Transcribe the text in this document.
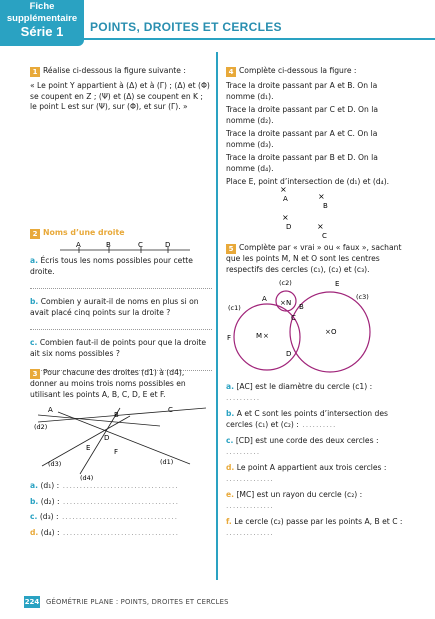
Fiche
supplémentaire
Série 1	POINTS, DROITES ET CERCLES
1 Réalise ci-dessous la figure suivante :
« Le point Y appartient à (Δ) et à (Γ) ; (Δ) et (Φ) se coupent en Z ; (Ψ) et (Δ) se coupent en K ; le point L est sur (Ψ), sur (Φ), et sur (Γ). »
2 Noms d’une droite
A	B	C	D
a. Écris tous les noms possibles pour cette droite.
b. Combien y aurait-il de noms en plus si on avait placé cinq points sur la droite ?
c. Combien faut-il de points pour que la droite ait six noms possibles ?
3 Pour chacune des droites (d1) à (d4), donner au moins trois noms possibles en utilisant les points A, B, C, D, E et F.
A
B
C
D
E	F
(d2)
(d3)
(d4)
(d1)
a. (d₁) : ..................................
b. (d₂) : ..................................
c. (d₃) : ..................................
d. (d₄) : ..................................
4 Complète ci-dessous la figure :
Trace la droite passant par A et B. On la nomme (d₁).
Trace la droite passant par C et D. On la nomme (d₂).
Trace la droite passant par A et C. On la nomme (d₃).
Trace la droite passant par B et D. On la nomme (d₄).
Place E, point d’intersection de (d₁) et (d₄).
×
A	×
B
×
D	×
C
5 Complète par « vrai » ou « faux », sachant que les points M, N et O sont les centres respectifs des cercles (c₁), (c₂) et (c₃).
(c1)
(c2)
(c3)
A × N B
E
C
M ×	× O
F
D
a. [AC] est le diamètre du cercle (c1) : ..........
b. A et C sont les points d’intersection des cercles (c₁) et (c₂) : ..........
c. [CD] est une corde des deux cercles : ..........
d. Le point A appartient aux trois cercles :
..............
e. [MC] est un rayon du cercle (c₂) : ..............
f. Le cercle (c₂) passe par les points A, B et C :
..............
224 GÉOMÉTRIE PLANE : POINTS, DROITES ET CERCLES
